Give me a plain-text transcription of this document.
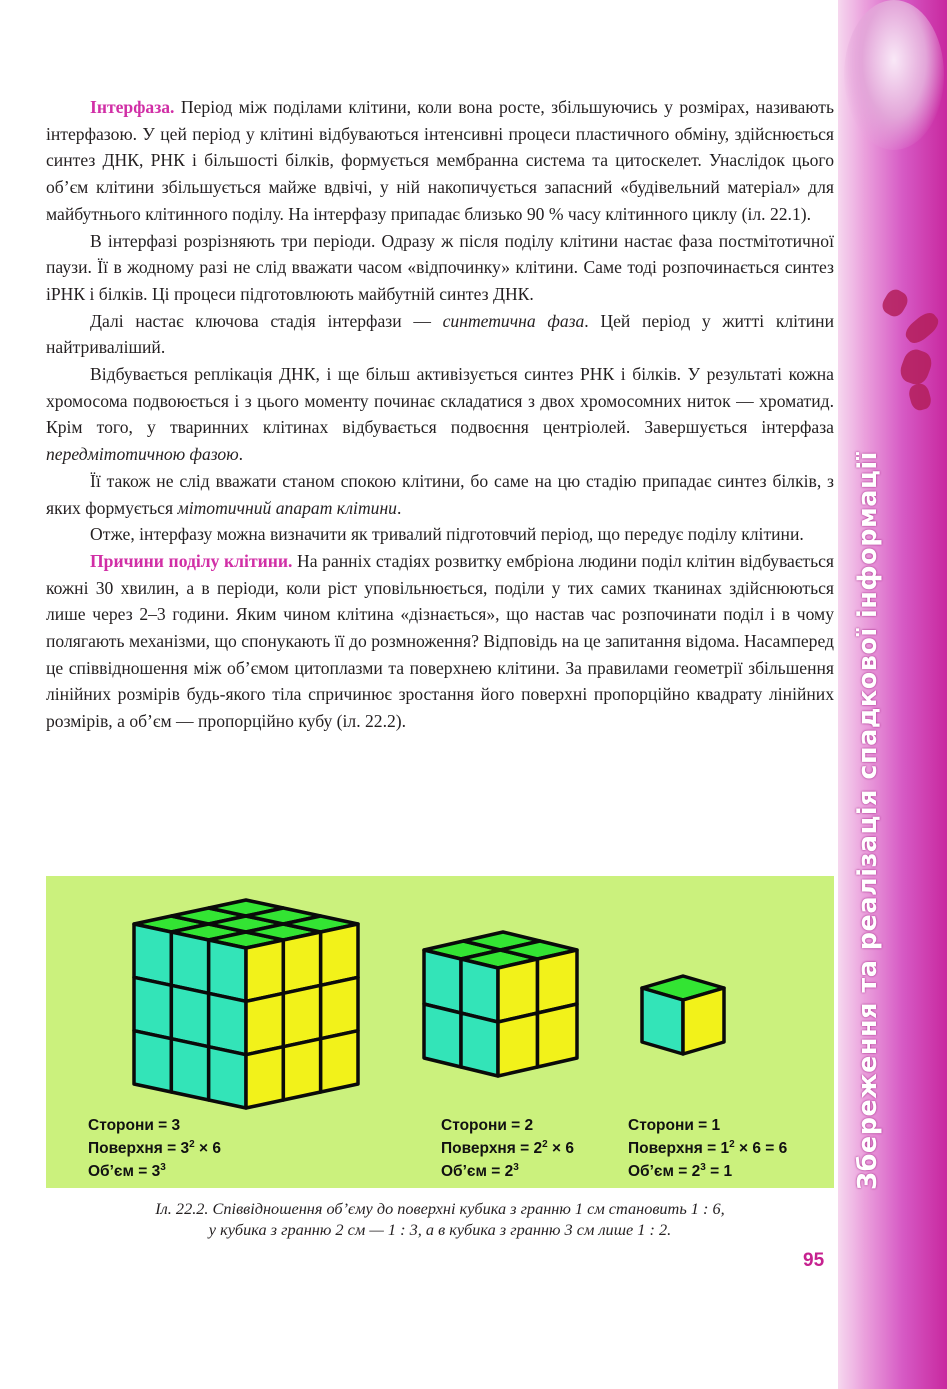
Збереження та реалізація спадкової інформації

Інтерфаза. Період між поділами клітини, коли вона росте, збільшуючись у розмірах, називають інтерфазою. У цей період у клітині відбуваються інтенсивні процеси пластичного обміну, здійснюється синтез ДНК, РНК і більшості білків, формується мембранна система та цитоскелет. Унаслідок цього об’єм клітини збільшується майже вдвічі, у ній накопичується запасний «будівельний матеріал» для майбутнього клітинного поділу. На інтерфазу припадає близько 90 % часу клітинного циклу (іл. 22.1).

В інтерфазі розрізняють три періоди. Одразу ж після поділу клітини настає фаза постмітотичної паузи. Її в жодному разі не слід вважати часом «відпочинку» клітини. Саме тоді розпочинається синтез іРНК і білків. Ці процеси підготовлюють майбутній синтез ДНК.

Далі настає ключова стадія інтерфази — синтетична фаза. Цей період у житті клітини найтриваліший.

Відбувається реплікація ДНК, і ще більш активізується синтез РНК і білків. У результаті кожна хромосома подвоюється і з цього моменту починає складатися з двох хромосомних ниток — хроматид. Крім того, у тваринних клітинах відбувається подвоєння центріолей. Завершується інтерфаза передмітотичною фазою.

Її також не слід вважати станом спокою клітини, бо саме на цю стадію припадає синтез білків, з яких формується мітотичний апарат клітини.

Отже, інтерфазу можна визначити як тривалий підготовчий період, що передує поділу клітини.

Причини поділу клітини. На ранніх стадіях розвитку ембріона людини поділ клітин відбувається кожні 30 хвилин, а в періоди, коли ріст уповільнюється, поділи у тих самих тканинах здійснюються лише через 2–3 години. Яким чином клітина «дізнається», що настав час розпочинати поділ і в чому полягають механізми, що спонукають її до розмноження? Відповідь на це запитання відома. Насамперед це співвідношення між об’ємом цитоплазми та поверхнею клітини. За правилами геометрії збільшення лінійних розмірів будь-якого тіла спричинює зростання його поверхні пропорційно квадрату лінійних розмірів, а об’єм — пропорційно кубу (іл. 22.2).

Сторони = 3
Поверхня = $3^2 \times 6$
Об’єм = $3^3$
Сторони = 2
Поверхня = $2^2 \times 6$
Об’єм = $2^3$
Сторони = 1
Поверхня = $1^2 \times 6 = 6$
Об’єм = $2^3 = 1$
Іл. 22.2. Співвідношення об’єму до поверхні кубика з гранню 1 см становить 1 : 6,
у кубика з гранню 2 см — 1 : 3, а в кубика з гранню 3 см лише 1 : 2.
95
